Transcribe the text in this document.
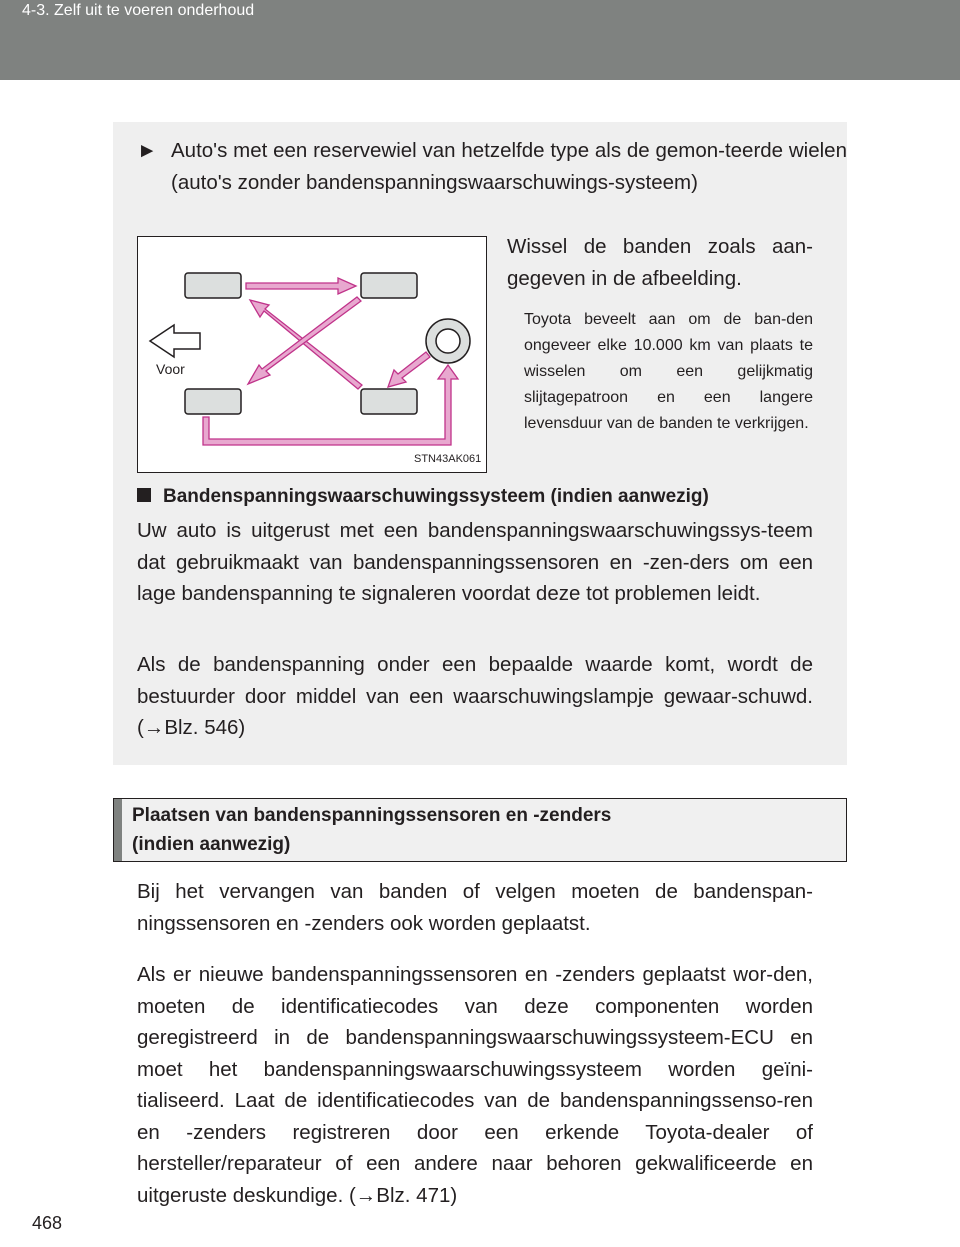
4-3. Zelf uit te voeren onderhoud
► Auto's met een reservewiel van hetzelfde type als de gemon-teerde wielen (auto's zonder bandenspanningswaarschuwings-systeem)
Voor
STN43AK061
Wissel de banden zoals aan-gegeven in de afbeelding.
Toyota beveelt aan om de ban-den ongeveer elke 10.000 km van plaats te wisselen om een gelijkmatig slijtagepatroon en een langere levensduur van de banden te verkrijgen.
Bandenspanningswaarschuwingssysteem (indien aanwezig)
Uw auto is uitgerust met een bandenspanningswaarschuwingssys-teem dat gebruikmaakt van bandenspanningssensoren en -zen-ders om een lage bandenspanning te signaleren voordat deze tot problemen leidt.
Als de bandenspanning onder een bepaalde waarde komt, wordt de bestuurder door middel van een waarschuwingslampje gewaar-schuwd. (→Blz. 546)
Plaatsen van bandenspanningssensoren en -zenders
(indien aanwezig)
Bij het vervangen van banden of velgen moeten de bandenspan-ningssensoren en -zenders ook worden geplaatst.
Als er nieuwe bandenspanningssensoren en -zenders geplaatst wor-den, moeten de identificatiecodes van deze componenten worden geregistreerd in de bandenspanningswaarschuwingssysteem-ECU en moet het bandenspanningswaarschuwingssysteem worden geïni-tialiseerd. Laat de identificatiecodes van de bandenspanningssenso-ren en -zenders registreren door een erkende Toyota-dealer of hersteller/reparateur of een andere naar behoren gekwalificeerde en uitgeruste deskundige. (→Blz. 471)
468
